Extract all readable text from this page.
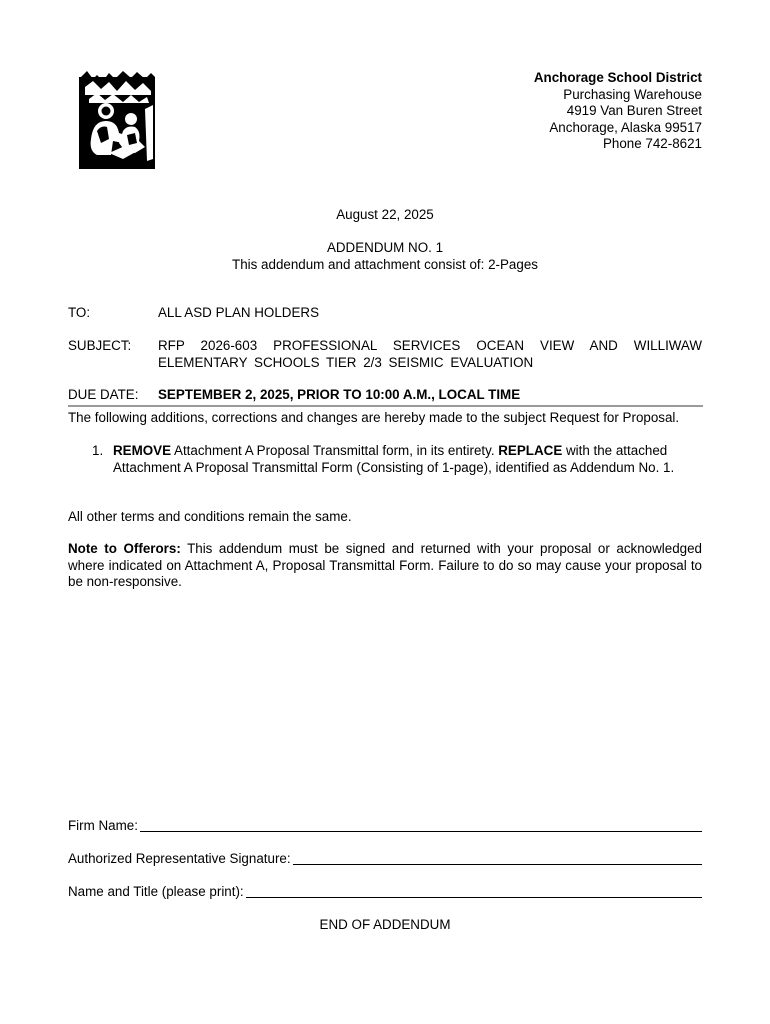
Anchorage School District
Purchasing Warehouse
4919 Van Buren Street
Anchorage, Alaska 99517
Phone 742-8621
August 22, 2025
ADDENDUM NO. 1
This addendum and attachment consist of: 2-Pages
TO:	ALL ASD PLAN HOLDERS
SUBJECT: RFP 2026-603 PROFESSIONAL SERVICES OCEAN VIEW AND WILLIWAW ELEMENTARY SCHOOLS TIER 2/3 SEISMIC EVALUATION
DUE DATE: SEPTEMBER 2, 2025, PRIOR TO 10:00 A.M., LOCAL TIME
The following additions, corrections and changes are hereby made to the subject Request for Proposal.
1. REMOVE Attachment A Proposal Transmittal form, in its entirety. REPLACE with the attached Attachment A Proposal Transmittal Form (Consisting of 1-page), identified as Addendum No. 1.
All other terms and conditions remain the same.
Note to Offerors: This addendum must be signed and returned with your proposal or acknowledged where indicated on Attachment A, Proposal Transmittal Form. Failure to do so may cause your proposal to be non-responsive.
Firm Name:
Authorized Representative Signature:
Name and Title (please print):
END OF ADDENDUM
